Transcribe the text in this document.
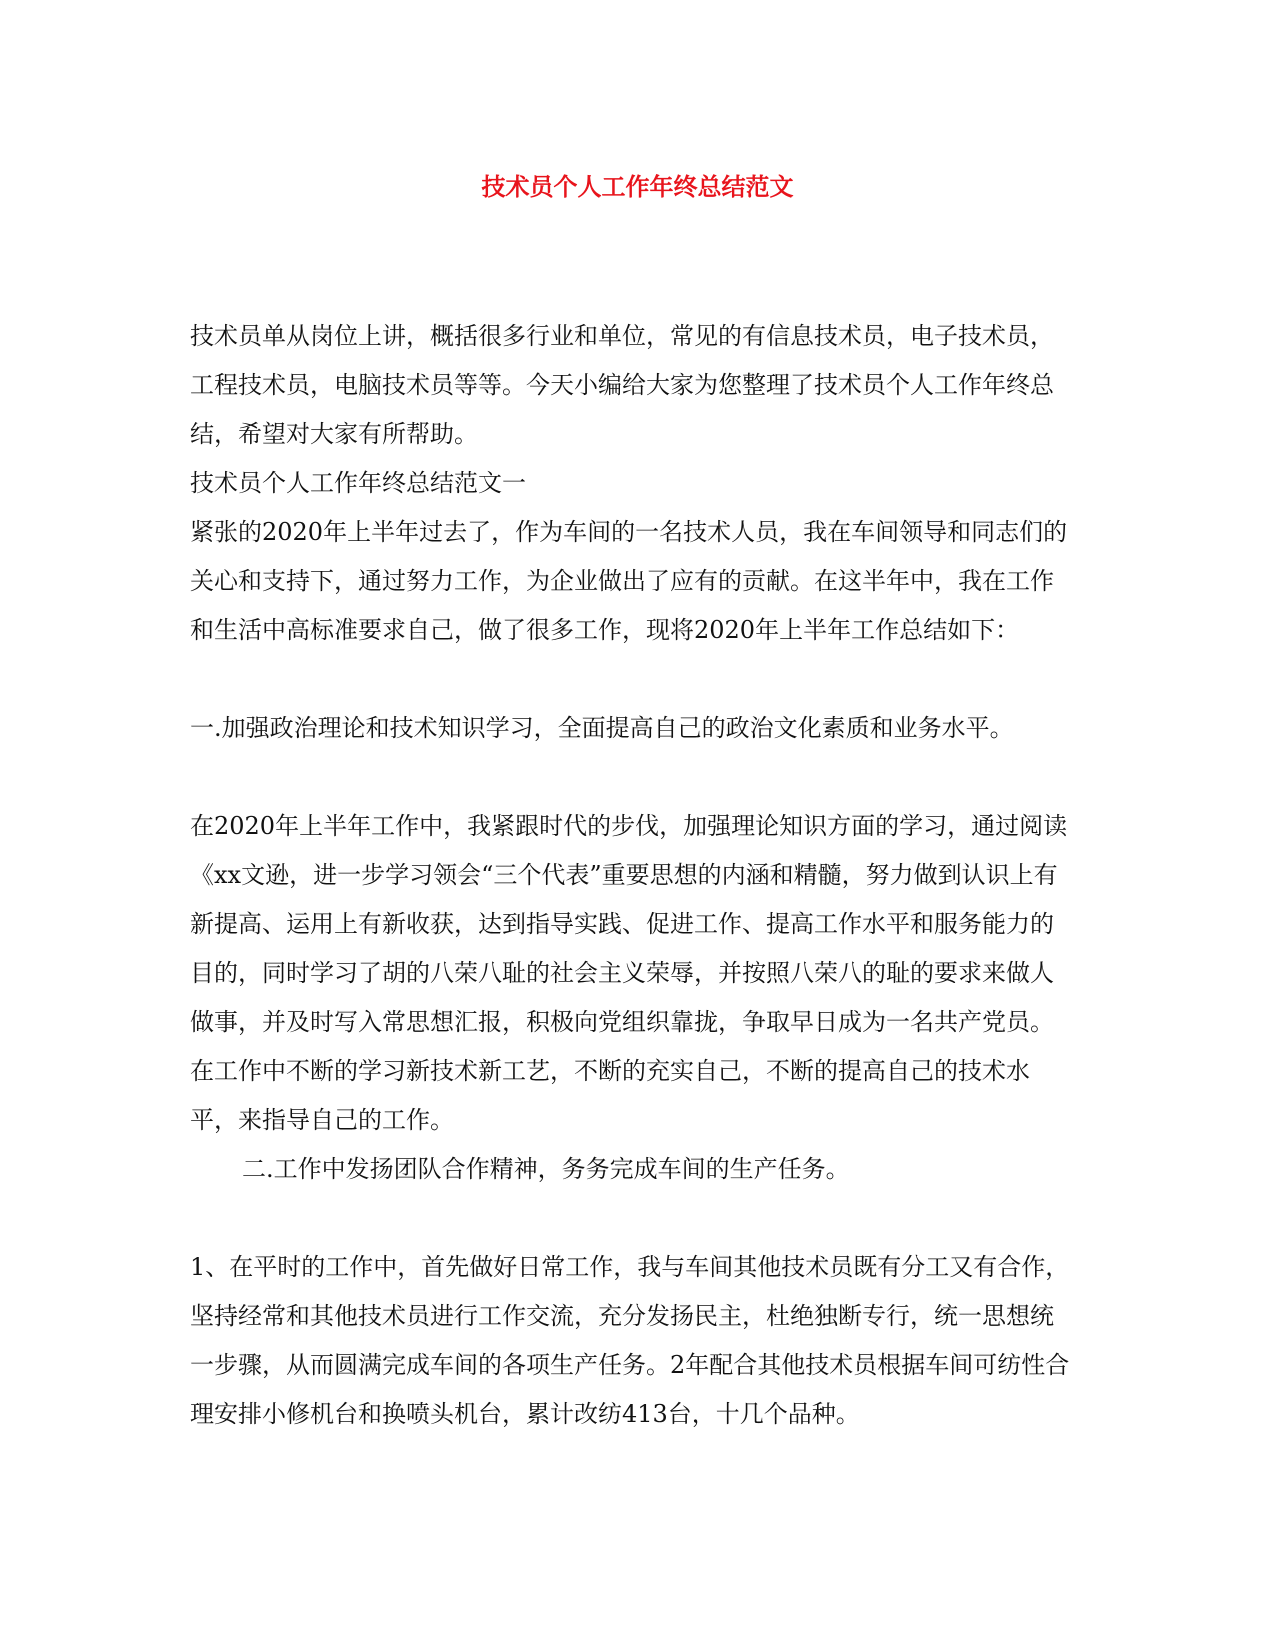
技术员个人工作年终总结范文

技术员单从岗位上讲，概括很多行业和单位，常见的有信息技术员，电子技术员，工程技术员，电脑技术员等等。今天小编给大家为您整理了技术员个人工作年终总结，希望对大家有所帮助。

技术员个人工作年终总结范文一

紧张的2020年上半年过去了，作为车间的一名技术人员，我在车间领导和同志们的关心和支持下，通过努力工作，为企业做出了应有的贡献。在这半年中，我在工作和生活中高标准要求自己，做了很多工作，现将2020年上半年工作总结如下：

一.加强政治理论和技术知识学习，全面提高自己的政治文化素质和业务水平。

在2020年上半年工作中，我紧跟时代的步伐，加强理论知识方面的学习，通过阅读《xx文逊，进一步学习领会“三个代表”重要思想的内涵和精髓，努力做到认识上有新提高、运用上有新收获，达到指导实践、促进工作、提高工作水平和服务能力的目的，同时学习了胡的八荣八耻的社会主义荣辱，并按照八荣八的耻的要求来做人做事，并及时写入常思想汇报，积极向党组织靠拢，争取早日成为一名共产党员。在工作中不断的学习新技术新工艺，不断的充实自己，不断的提高自己的技术水平，来指导自己的工作。

二.工作中发扬团队合作精神，务务完成车间的生产任务。

1、在平时的工作中，首先做好日常工作，我与车间其他技术员既有分工又有合作，坚持经常和其他技术员进行工作交流，充分发扬民主，杜绝独断专行，统一思想统一步骤，从而圆满完成车间的各项生产任务。2年配合其他技术员根据车间可纺性合理安排小修机台和换喷头机台，累计改纺413台，十几个品种。
